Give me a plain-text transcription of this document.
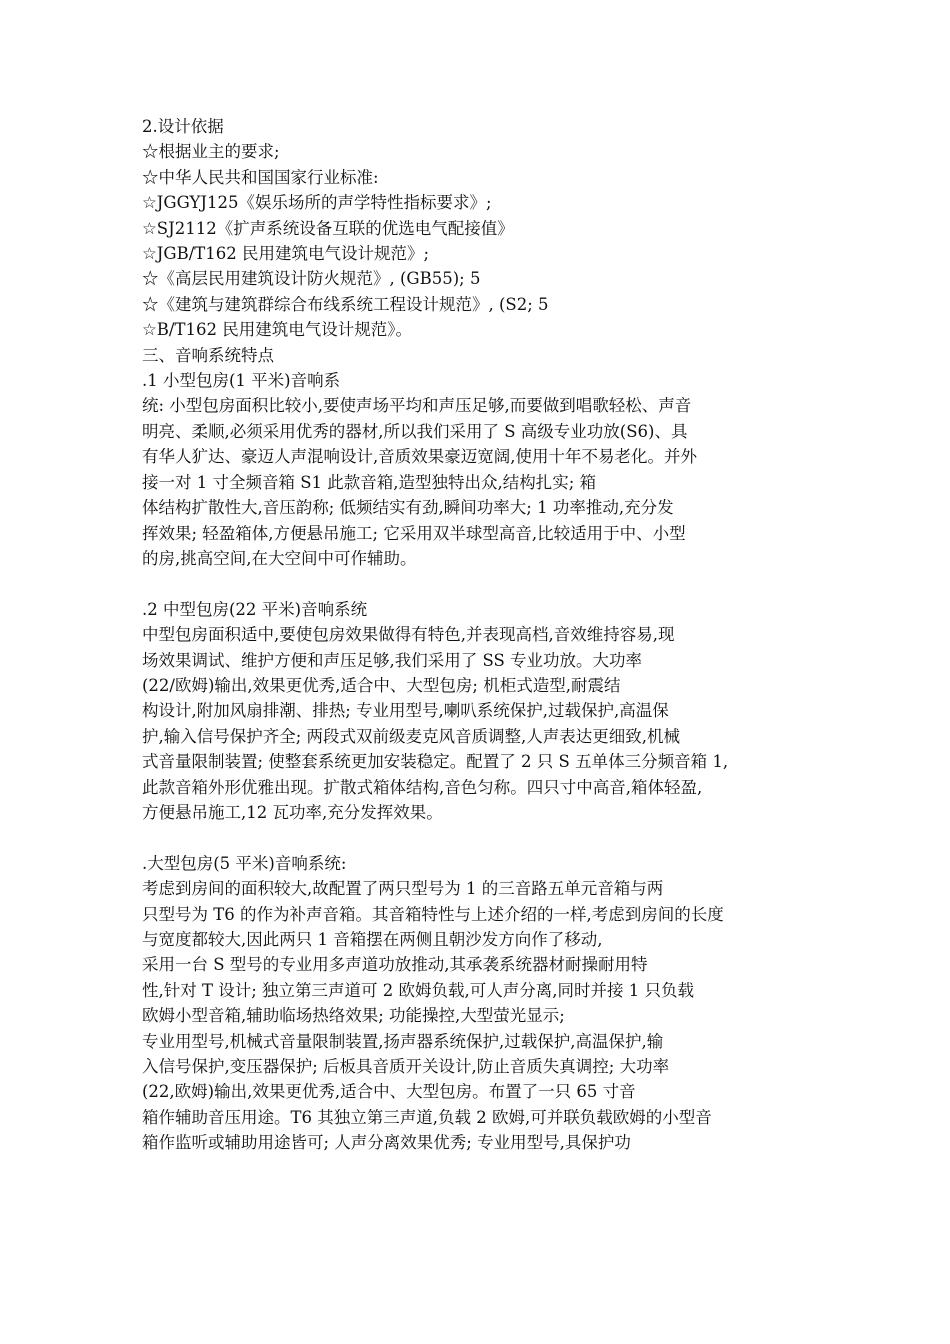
2.设计依据
☆根据业主的要求;
☆中华人民共和国国家行业标准:
☆JGGYJ125《娱乐场所的声学特性指标要求》;
☆SJ2112《扩声系统设备互联的优选电气配接值》
☆JGB/T162 民用建筑电气设计规范》;
☆《高层民用建筑设计防火规范》, (GB55); 5
☆《建筑与建筑群综合布线系统工程设计规范》, (S2; 5
☆B/T162 民用建筑电气设计规范》。
三、音响系统特点
.1 小型包房(1 平米)音响系
统: 小型包房面积比较小,要使声场平均和声压足够,而要做到唱歌轻松、声音
明亮、柔顺,必须采用优秀的器材,所以我们采用了 S 高级专业功放(S6)、具
有华人犷达、豪迈人声混响设计,音质效果豪迈宽阔,使用十年不易老化。并外
接一对 1 寸全频音箱 S1 此款音箱,造型独特出众,结构扎实; 箱
体结构扩散性大,音压韵称; 低频结实有劲,瞬间功率大; 1 功率推动,充分发
挥效果; 轻盈箱体,方便悬吊施工; 它采用双半球型高音,比较适用于中、小型
的房,挑高空间,在大空间中可作辅助。
.2 中型包房(22 平米)音响系统
中型包房面积适中,要使包房效果做得有特色,并表现高档,音效维持容易,现
场效果调试、维护方便和声压足够,我们采用了 SS 专业功放。大功率
(22/欧姆)输出,效果更优秀,适合中、大型包房; 机柜式造型,耐震结
构设计,附加风扇排潮、排热; 专业用型号,喇叭系统保护,过载保护,高温保
护,输入信号保护齐全; 两段式双前级麦克风音质调整,人声表达更细致,机械
式音量限制装置; 使整套系统更加安装稳定。配置了 2 只 S 五单体三分频音箱 1,
此款音箱外形优雅出现。扩散式箱体结构,音色匀称。四只寸中高音,箱体轻盈,
方便悬吊施工,12 瓦功率,充分发挥效果。
.大型包房(5 平米)音响系统:
考虑到房间的面积较大,故配置了两只型号为 1 的三音路五单元音箱与两
只型号为 T6 的作为补声音箱。其音箱特性与上述介绍的一样,考虑到房间的长度
与宽度都较大,因此两只 1 音箱摆在两侧且朝沙发方向作了移动,
采用一台 S 型号的专业用多声道功放推动,其承袭系统器材耐操耐用特
性,针对 T 设计; 独立第三声道可 2 欧姆负载,可人声分离,同时并接 1 只负载
欧姆小型音箱,辅助临场热络效果; 功能操控,大型萤光显示;
专业用型号,机械式音量限制装置,扬声器系统保护,过载保护,高温保护,输
入信号保护,变压器保护; 后板具音质开关设计,防止音质失真调控; 大功率
(22,欧姆)输出,效果更优秀,适合中、大型包房。布置了一只 65 寸音
箱作辅助音压用途。T6 其独立第三声道,负载 2 欧姆,可并联负载欧姆的小型音
箱作监听或辅助用途皆可; 人声分离效果优秀; 专业用型号,具保护功
